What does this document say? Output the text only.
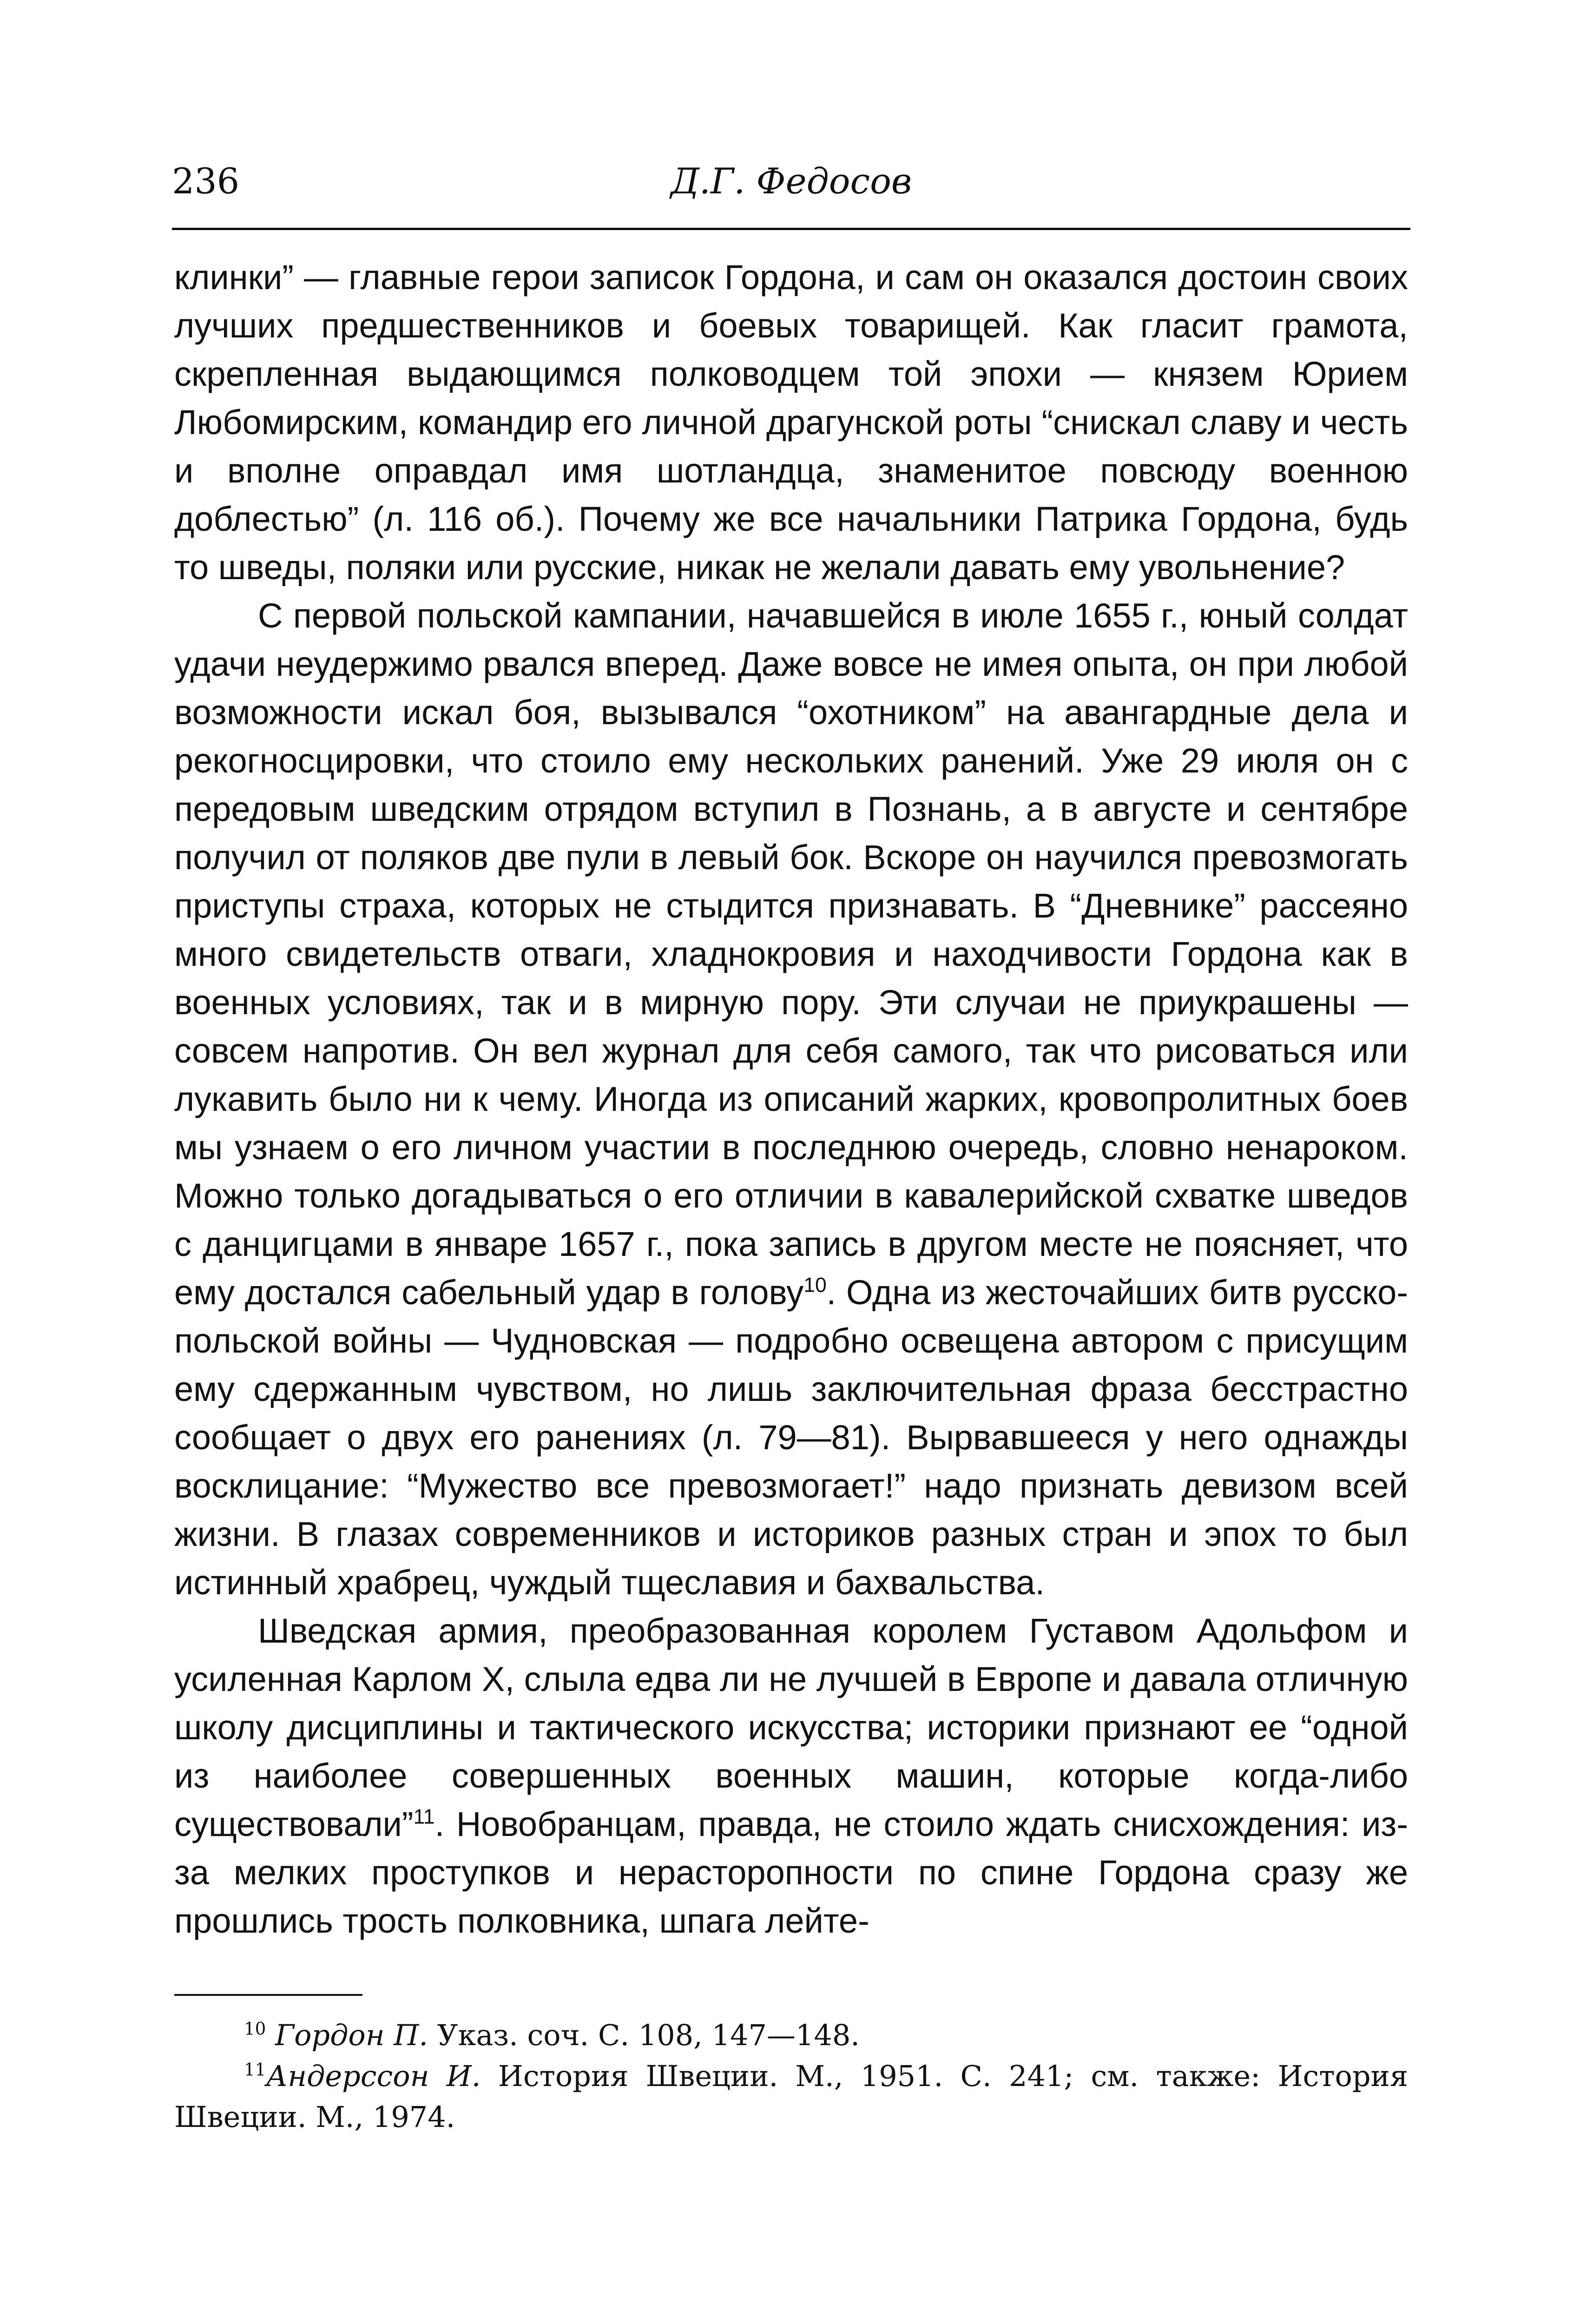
236	Д.Г. Федосов

клинки” — главные герои записок Гордона, и сам он оказался достоин своих лучших предшественников и боевых товарищей. Как гласит грамота, скрепленная выдающимся полководцем той эпохи — князем Юрием Любомирским, командир его личной драгунской роты “снискал славу и честь и вполне оправдал имя шотландца, знаменитое повсюду военною доблестью” (л. 116 об.). Почему же все начальники Патрика Гордона, будь то шведы, поляки или русские, никак не желали давать ему увольнение?

С первой польской кампании, начавшейся в июле 1655 г., юный солдат удачи неудержимо рвался вперед. Даже вовсе не имея опыта, он при любой возможности искал боя, вызывался “охотником” на авангардные дела и рекогносцировки, что стоило ему нескольких ранений. Уже 29 июля он с передовым шведским отрядом вступил в Познань, а в августе и сентябре получил от поляков две пули в левый бок. Вскоре он научился превозмогать приступы страха, которых не стыдится признавать. В “Дневнике” рассеяно много свидетельств отваги, хладнокровия и находчивости Гордона как в военных условиях, так и в мирную пору. Эти случаи не приукрашены — совсем напротив. Он вел журнал для себя самого, так что рисоваться или лукавить было ни к чему. Иногда из описаний жарких, кровопролитных боев мы узнаем о его личном участии в последнюю очередь, словно ненароком. Можно только догадываться о его отличии в кавалерийской схватке шведов с данцигцами в январе 1657 г., пока запись в другом месте не поясняет, что ему достался сабельный удар в голову$^{10}$. Одна из жесточайших битв русско-польской войны — Чудновская — подробно освещена автором с присущим ему сдержанным чувством, но лишь заключительная фраза бесстрастно сообщает о двух его ранениях (л. 79—81). Вырвавшееся у него однажды восклицание: “Мужество все превозмогает!” надо признать девизом всей жизни. В глазах современников и историков разных стран и эпох то был истинный храбрец, чуждый тщеславия и бахвальства.

Шведская армия, преобразованная королем Густавом Адольфом и усиленная Карлом X, слыла едва ли не лучшей в Европе и давала отличную школу дисциплины и тактического искусства; историки признают ее “одной из наиболее совершенных военных машин, которые когда-либо существовали”$^{11}$. Новобранцам, правда, не стоило ждать снисхождения: из-за мелких проступков и нерасторопности по спине Гордона сразу же прошлись трость полковника, шпага лейте-

$^{10}$ Гордон П. Указ. соч. С. 108, 147—148.

$^{11}$Андерссон И. История Швеции. М., 1951. С. 241; см. также: История Швеции. М., 1974.
